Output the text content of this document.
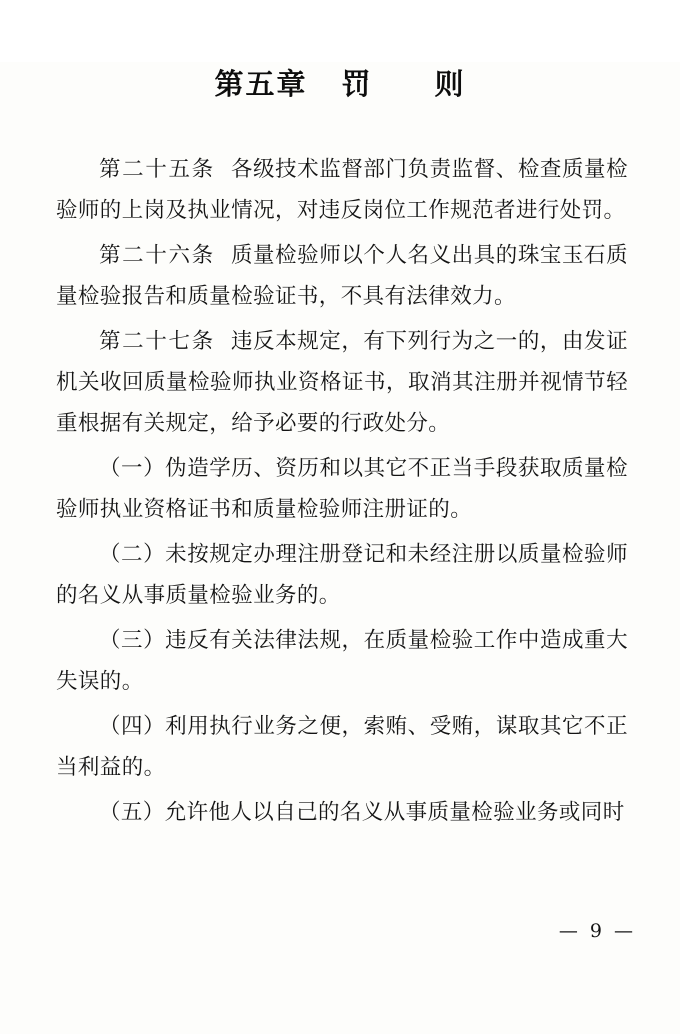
第五章 罚　　则

第二十五条 各级技术监督部门负责监督、检查质量检验师的上岗及执业情况，对违反岗位工作规范者进行处罚。

第二十六条 质量检验师以个人名义出具的珠宝玉石质量检验报告和质量检验证书，不具有法律效力。

第二十七条 违反本规定，有下列行为之一的，由发证机关收回质量检验师执业资格证书，取消其注册并视情节轻重根据有关规定，给予必要的行政处分。

（一）伪造学历、资历和以其它不正当手段获取质量检验师执业资格证书和质量检验师注册证的。

（二）未按规定办理注册登记和未经注册以质量检验师的名义从事质量检验业务的。

（三）违反有关法律法规，在质量检验工作中造成重大失误的。

（四）利用执行业务之便，索贿、受贿，谋取其它不正当利益的。

（五）允许他人以自己的名义从事质量检验业务或同时

— 9 —
